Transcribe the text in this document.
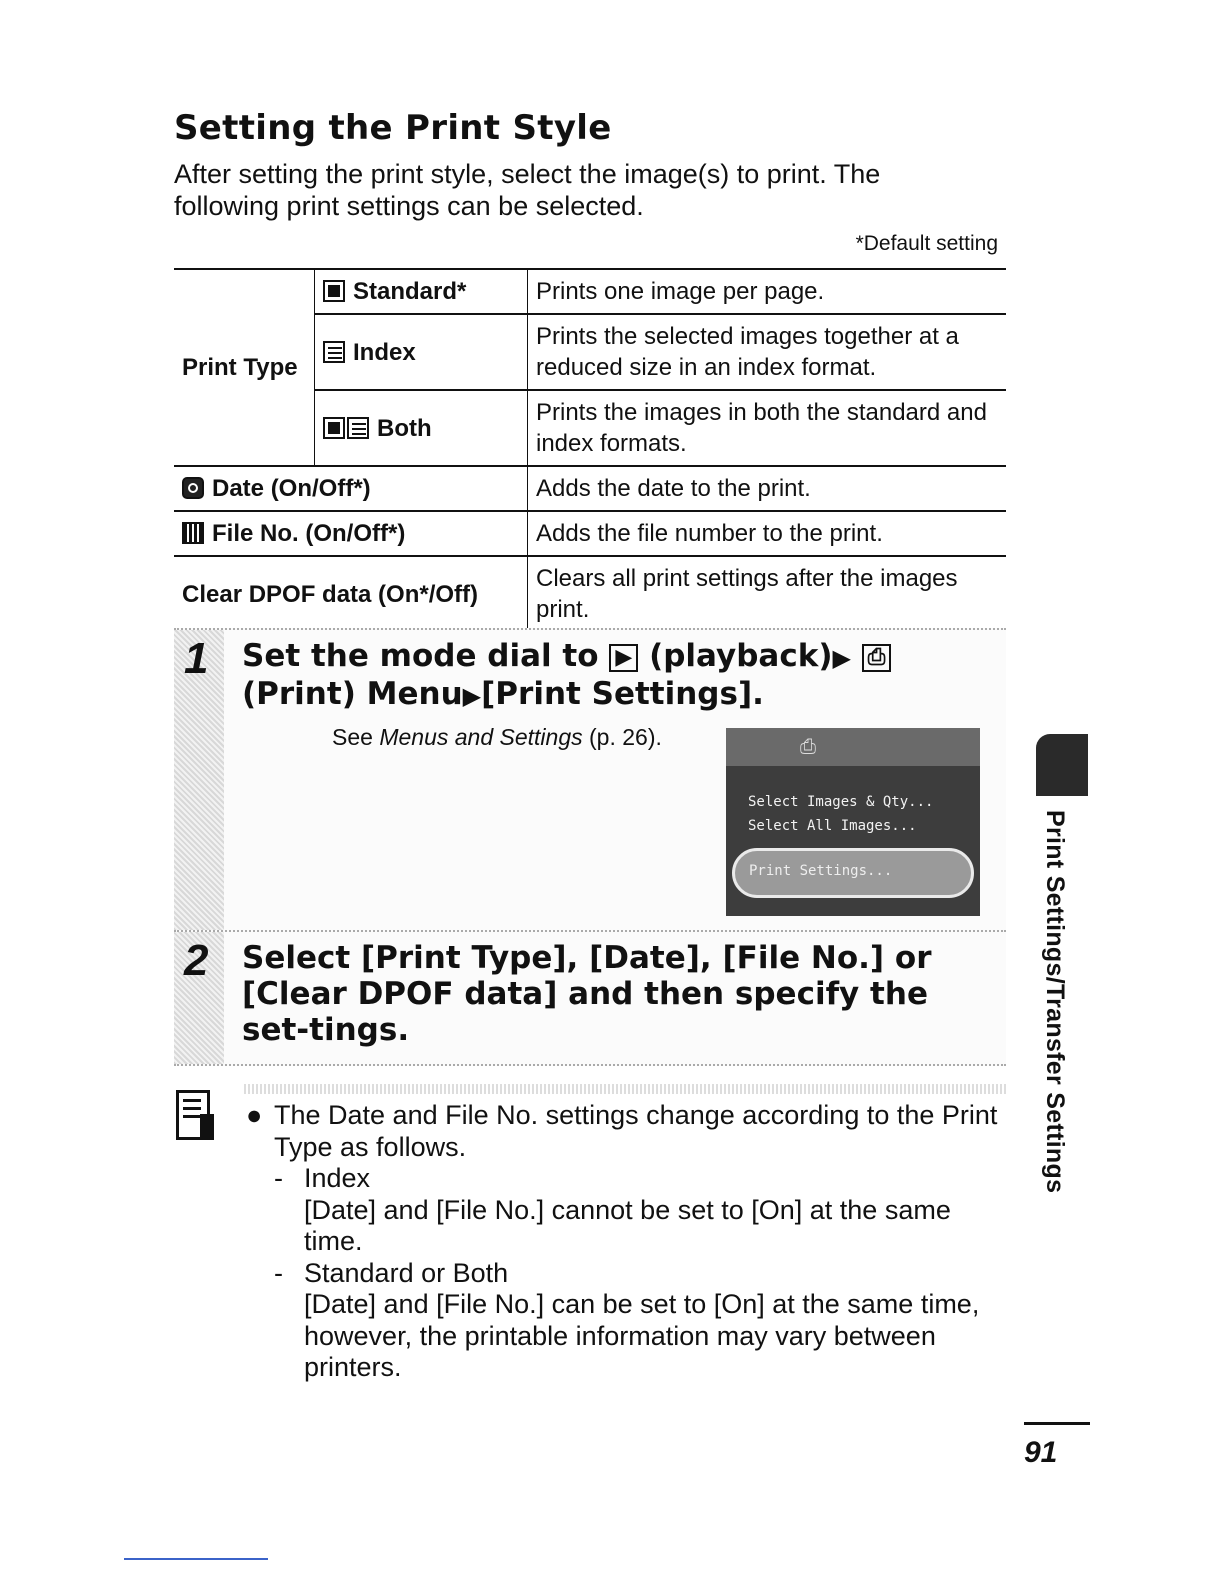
Setting the Print Style
After setting the print style, select the image(s) to print. The following print settings can be selected.
*Default setting
Print Type	Standard*	Prints one image per page.
	Index	Prints the selected images together at a reduced size in an index format.
	Both	Prints the images in both the standard and index formats.
Date (On/Off*)		Adds the date to the print.
File No. (On/Off*)		Adds the file number to the print.
Clear DPOF data (On*/Off)		Clears all print settings after the images print.
1 Set the mode dial to ▶ (playback)▶ ⎙
(Print) Menu▶[Print Settings].
See Menus and Settings (p. 26).	⎙
Select Images & Qty...
Select All Images...
Print Settings...
2 Select [Print Type], [Date], [File No.] or [Clear DPOF data] and then specify the set-tings.
● The Date and File No. settings change according to the Print Type as follows.

- Index

[Date] and [File No.] cannot be set to [On] at the same time.

- Standard or Both

[Date] and [File No.] can be set to [On] at the same time, however, the printable information may vary between printers.

Print Settings/Transfer Settings
91
